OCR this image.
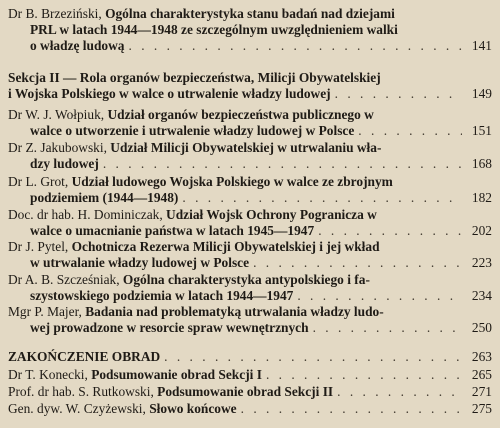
Dr B. Brzeziński, Ogólna charakterystyka stanu badań nad dziejami
PRL w latach 1944—1948 ze szczególnym uwzględnieniem walki
o władzę ludową . . .	141
Sekcja II — Rola organów bezpieczeństwa, Milicji Obywatelskiej
i Wojska Polskiego w walce o utrwalenie władzy ludowej . . .	149
Dr W. J. Wołpiuk, Udział organów bezpieczeństwa publicznego w
walce o utworzenie i utrwalenie władzy ludowej w Polsce . . .	151
Dr Z. Jakubowski, Udział Milicji Obywatelskiej w utrwalaniu wła-
dzy ludowej . . .	168
Dr L. Grot, Udział ludowego Wojska Polskiego w walce ze zbrojnym
podziemiem (1944—1948) . . .	182
Doc. dr hab. H. Dominiczak, Udział Wojsk Ochrony Pogranicza w
walce o umacnianie państwa w latach 1945—1947 . . .	202
Dr J. Pytel, Ochotnicza Rezerwa Milicji Obywatelskiej i jej wkład
w utrwalanie władzy ludowej w Polsce . . .	223
Dr A. B. Szcześniak, Ogólna charakterystyka antypolskiego i fa-
szystowskiego podziemia w latach 1944—1947 . . .	234
Mgr P. Majer, Badania nad problematyką utrwalania władzy ludo-
wej prowadzone w resorcie spraw wewnętrznych . . .	250
ZAKOŃCZENIE OBRAD . . .	263
Dr T. Konecki, Podsumowanie obrad Sekcji I . . .	265
Prof. dr hab. S. Rutkowski, Podsumowanie obrad Sekcji II . . .	271
Gen. dyw. W. Czyżewski, Słowo końcowe . . .	275
